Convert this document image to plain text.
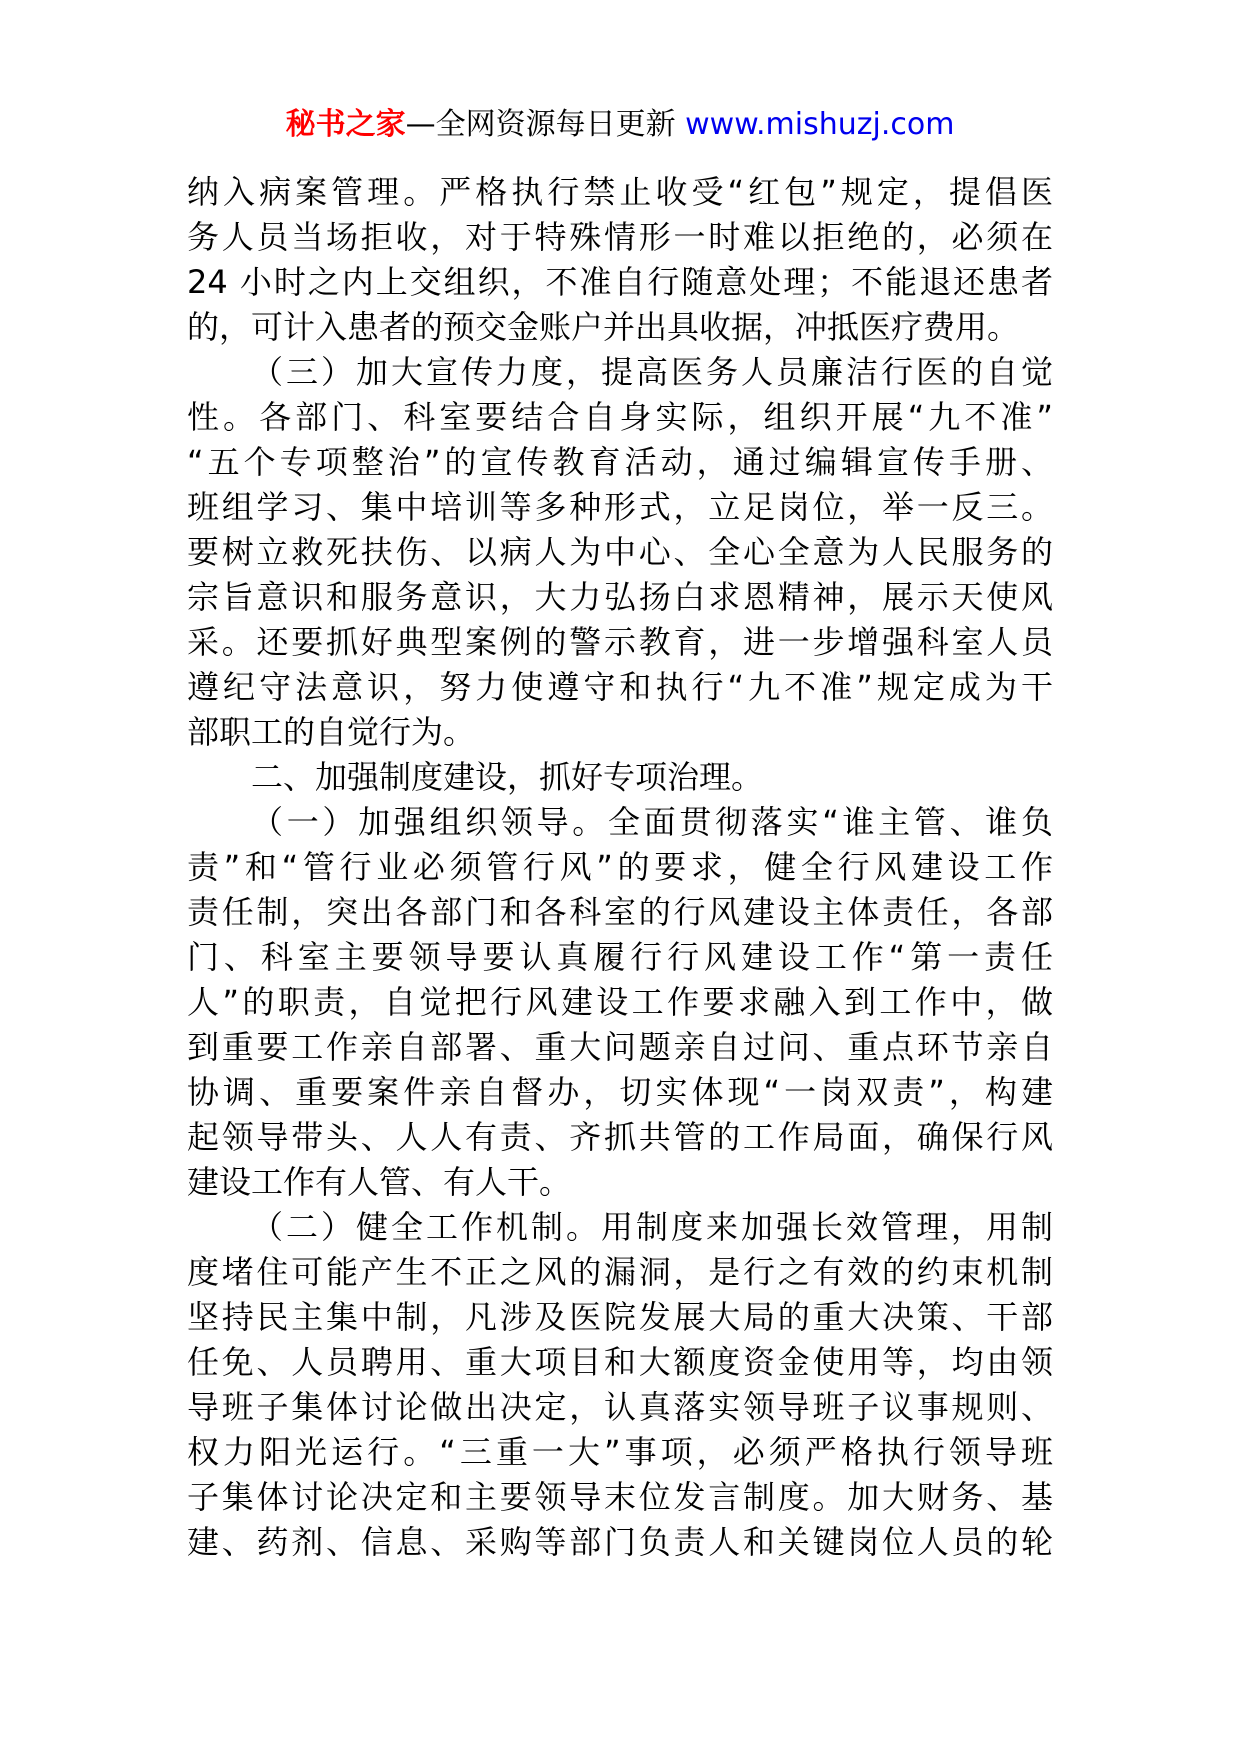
秘书之家—全网资源每日更新 www.mishuzj.com
纳入病案管理。严格执行禁止收受“红包”规定，提倡医
务人员当场拒收，对于特殊情形一时难以拒绝的，必须在
24 小时之内上交组织，不准自行随意处理；不能退还患者
的，可计入患者的预交金账户并出具收据，冲抵医疗费用。
（三）加大宣传力度，提高医务人员廉洁行医的自觉
性。各部门、科室要结合自身实际，组织开展“九不准”
“五个专项整治”的宣传教育活动，通过编辑宣传手册、
班组学习、集中培训等多种形式，立足岗位，举一反三。
要树立救死扶伤、以病人为中心、全心全意为人民服务的
宗旨意识和服务意识，大力弘扬白求恩精神，展示天使风
采。还要抓好典型案例的警示教育，进一步增强科室人员
遵纪守法意识，努力使遵守和执行“九不准”规定成为干
部职工的自觉行为。
二、加强制度建设，抓好专项治理。
（一）加强组织领导。全面贯彻落实“谁主管、谁负
责”和“管行业必须管行风”的要求，健全行风建设工作
责任制，突出各部门和各科室的行风建设主体责任，各部
门、科室主要领导要认真履行行风建设工作“第一责任
人”的职责，自觉把行风建设工作要求融入到工作中，做
到重要工作亲自部署、重大问题亲自过问、重点环节亲自
协调、重要案件亲自督办，切实体现“一岗双责”，构建
起领导带头、人人有责、齐抓共管的工作局面，确保行风
建设工作有人管、有人干。
（二）健全工作机制。用制度来加强长效管理，用制
度堵住可能产生不正之风的漏洞，是行之有效的约束机制
坚持民主集中制，凡涉及医院发展大局的重大决策、干部
任免、人员聘用、重大项目和大额度资金使用等，均由领
导班子集体讨论做出决定，认真落实领导班子议事规则、
权力阳光运行。“三重一大”事项，必须严格执行领导班
子集体讨论决定和主要领导末位发言制度。加大财务、基
建、药剂、信息、采购等部门负责人和关键岗位人员的轮
